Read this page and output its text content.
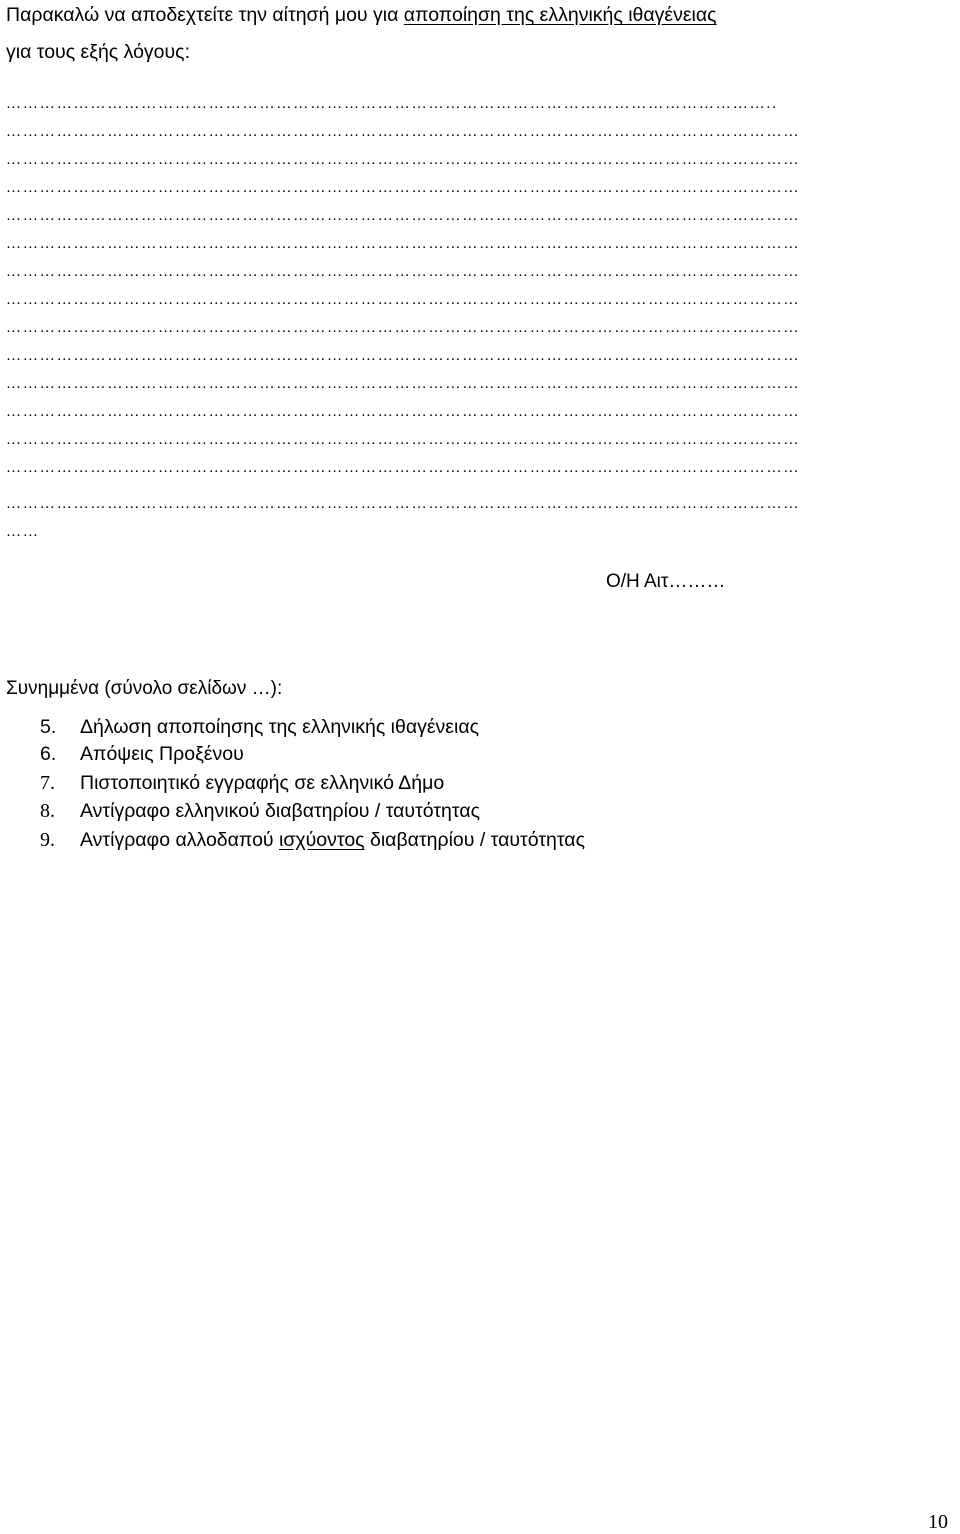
Παρακαλώ να αποδεχτείτε την αίτησή μου για αποποίηση της ελληνικής ιθαγένειας
για τους εξής λόγους:
………………………………………………………………………………………………………………………..
……………………………………………………………………………………………………………………………
……………………………………………………………………………………………………………………………
……………………………………………………………………………………………………………………………
……………………………………………………………………………………………………………………………
……………………………………………………………………………………………………………………………
……………………………………………………………………………………………………………………………
……………………………………………………………………………………………………………………………
……………………………………………………………………………………………………………………………
……………………………………………………………………………………………………………………………
……………………………………………………………………………………………………………………………
……………………………………………………………………………………………………………………………
……………………………………………………………………………………………………………………………
……………………………………………………………………………………………………………………………
……………………………………………………………………………………………………………………………
……
Ο/Η Αιτ………
Συνημμένα (σύνολο σελίδων …):
5. Δήλωση αποποίησης της ελληνικής ιθαγένειας
6. Απόψεις Προξένου
7. Πιστοποιητικό εγγραφής σε ελληνικό Δήμο
8. Αντίγραφο ελληνικού διαβατηρίου / ταυτότητας
9. Αντίγραφο αλλοδαπού ισχύοντος διαβατηρίου / ταυτότητας
10
